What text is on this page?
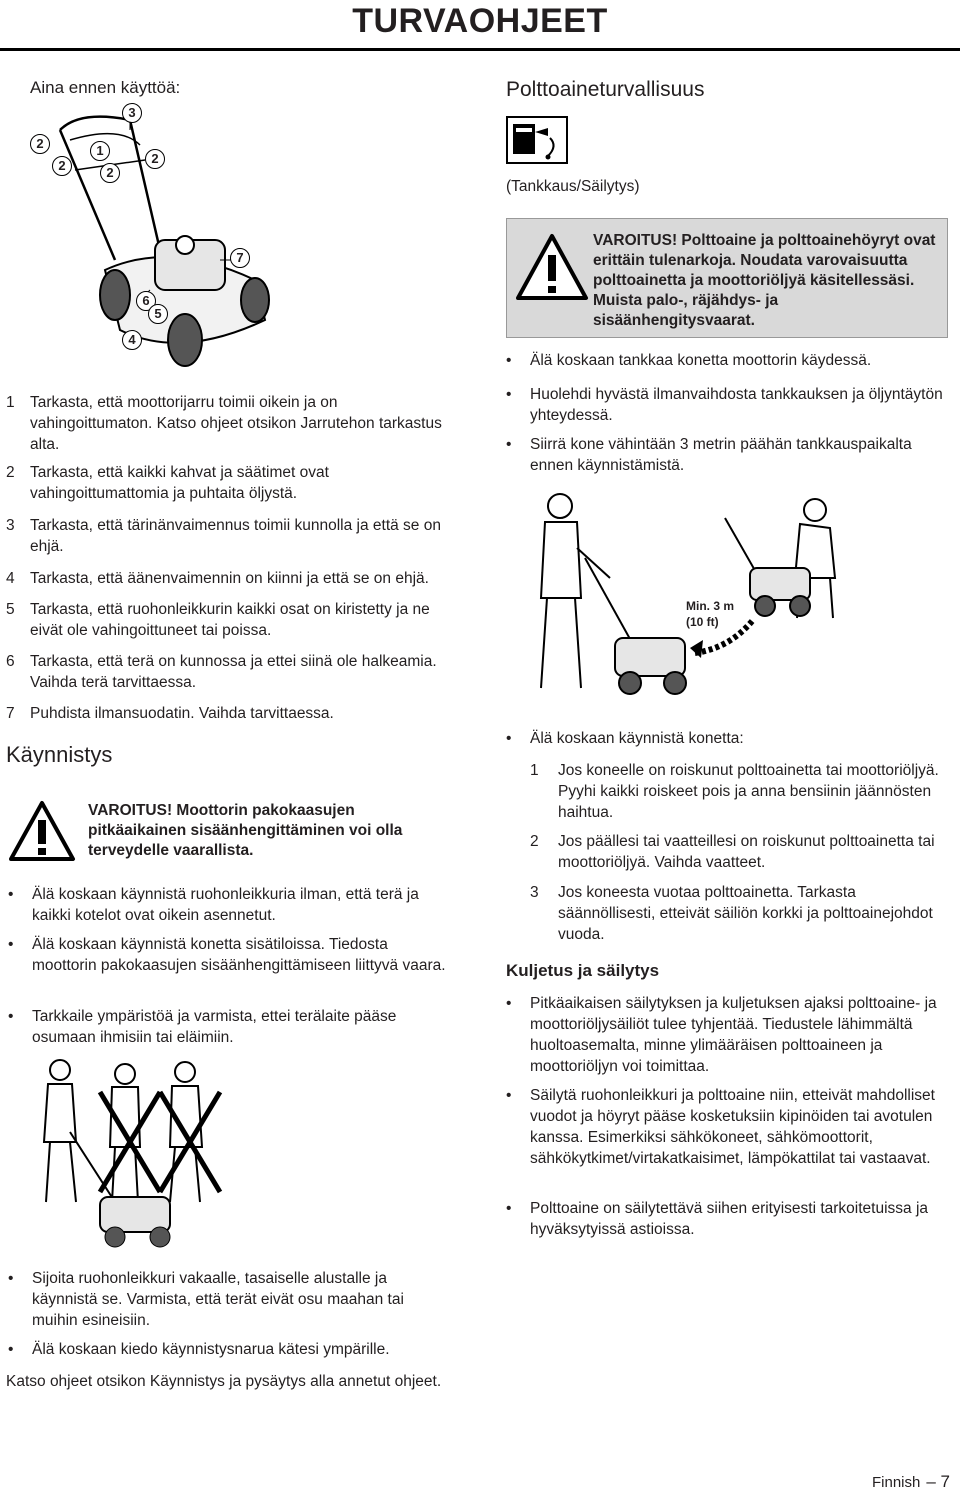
TURVAOHJEET
Aina ennen käyttöä:
3
2	1
2	2
2
7
6
5
4
1 Tarkasta, että moottorijarru toimii oikein ja on vahingoittumaton. Katso ohjeet otsikon Jarrutehon tarkastus alta.
2 Tarkasta, että kaikki kahvat ja säätimet ovat vahingoittumattomia ja puhtaita öljystä.
3 Tarkasta, että tärinänvaimennus toimii kunnolla ja että se on ehjä.
4 Tarkasta, että äänenvaimennin on kiinni ja että se on ehjä.
5 Tarkasta, että ruohonleikkurin kaikki osat on kiristetty ja ne eivät ole vahingoittuneet tai poissa.
6 Tarkasta, että terä on kunnossa ja ettei siinä ole halkeamia. Vaihda terä tarvittaessa.
7 Puhdista ilmansuodatin. Vaihda tarvittaessa.
Käynnistys
VAROITUS! Moottorin pakokaasujen pitkäaikainen sisäänhengittäminen voi olla terveydelle vaarallista.
• Älä koskaan käynnistä ruohonleikkuria ilman, että terä ja kaikki kotelot ovat oikein asennetut.
• Älä koskaan käynnistä konetta sisätiloissa. Tiedosta moottorin pakokaasujen sisäänhengittämiseen liittyvä vaara.
• Tarkkaile ympäristöä ja varmista, ettei terälaite pääse osumaan ihmisiin tai eläimiin.
• Sijoita ruohonleikkuri vakaalle, tasaiselle alustalle ja käynnistä se. Varmista, että terät eivät osu maahan tai muihin esineisiin.
• Älä koskaan kiedo käynnistysnarua kätesi ympärille.
Katso ohjeet otsikon Käynnistys ja pysäytys alla annetut ohjeet.
Polttoaineturvallisuus
(Tankkaus/Säilytys)
VAROITUS! Polttoaine ja polttoainehöyryt ovat erittäin tulenarkoja. Noudata varovaisuutta polttoainetta ja moottoriöljyä käsitellessäsi. Muista palo-, räjähdys- ja sisäänhengitysvaarat.
• Älä koskaan tankkaa konetta moottorin käydessä.
• Huolehdi hyvästä ilmanvaihdosta tankkauksen ja öljyntäytön yhteydessä.
• Siirrä kone vähintään 3 metrin päähän tankkauspaikalta ennen käynnistämistä.
Min. 3 m
(10 ft)
• Älä koskaan käynnistä konetta:
1	Jos koneelle on roiskunut polttoainetta tai moottoriöljyä. Pyyhi kaikki roiskeet pois ja anna bensiinin jäännösten haihtua.
2	Jos päällesi tai vaatteillesi on roiskunut polttoainetta tai moottoriöljyä. Vaihda vaatteet.
3	Jos koneesta vuotaa polttoainetta. Tarkasta säännöllisesti, etteivät säiliön korkki ja polttoainejohdot vuoda.
Kuljetus ja säilytys
• Pitkäaikaisen säilytyksen ja kuljetuksen ajaksi polttoaine- ja moottoriöljysäiliöt tulee tyhjentää. Tiedustele lähimmältä huoltoasemalta, minne ylimääräisen polttoaineen ja moottoriöljyn voi toimittaa.
• Säilytä ruohonleikkuri ja polttoaine niin, etteivät mahdolliset vuodot ja höyryt pääse kosketuksiin kipinöiden tai avotulen kanssa. Esimerkiksi sähkökoneet, sähkömoottorit, sähkökytkimet/virtakatkaisimet, lämpökattilat tai vastaavat.
• Polttoaine on säilytettävä siihen erityisesti tarkoitetuissa ja hyväksytyissä astioissa.
Finnish – 7
